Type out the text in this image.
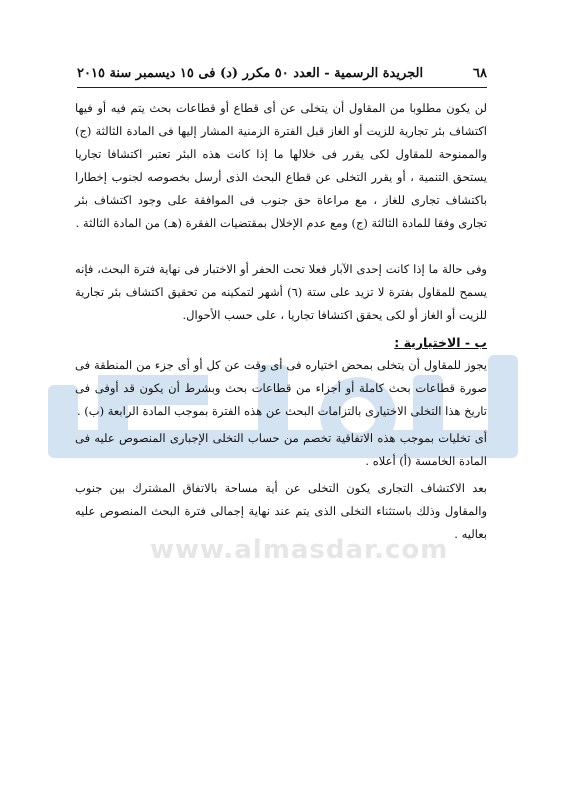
www.almasdar.com
٦٨
الجريدة الرسمية - العدد ٥٠ مكرر (د) فى ١٥ ديسمبر سنة ٢٠١٥

لن يكون مطلوبا من المقاول أن يتخلى عن أى قطاع أو قطاعات بحث يتم فيه أو فيها اكتشاف بئر تجارية للزيت أو الغاز قبل الفترة الزمنية المشار إليها فى المادة الثالثة (ج) والممنوحة للمقاول لكى يقرر فى خلالها ما إذا كانت هذه البئر تعتبر اكتشافا تجاريا يستحق التنمية ، أو يقرر التخلى عن قطاع البحث الذى أرسل بخصوصه لجنوب إخطارا باكتشاف تجارى للغاز ، مع مراعاة حق جنوب فى الموافقة على وجود اكتشاف بئر تجارى وفقا للمادة الثالثة (ج) ومع عدم الإخلال بمقتضيات الفقرة (هـ) من المادة الثالثة .

وفى حالة ما إذا كانت إحدى الآبار فعلا تحت الحفر أو الاختبار فى نهاية فترة البحث، فإنه يسمح للمقاول بفترة لا تزيد على ستة (٦) أشهر لتمكينه من تحقيق اكتشاف بئر تجارية للزيت أو الغاز أو لكى يحقق اكتشافا تجاريا ، على حسب الأحوال.

ب - الاختيارية :

يجوز للمقاول أن يتخلى بمحض اختياره فى أى وقت عن كل أو أى جزء من المنطقة فى صورة قطاعات بحث كاملة أو أجزاء من قطاعات بحث وبشرط أن يكون قد أوفى فى تاريخ هذا التخلى الاختيارى بالتزامات البحث عن هذه الفترة بموجب المادة الرابعة (ب) .

أى تخليات بموجب هذه الاتفاقية تخصم من حساب التخلى الإجبارى المنصوص عليه فى المادة الخامسة (أ) أعلاه .

بعد الاكتشاف التجارى يكون التخلى عن أية مساحة بالاتفاق المشترك بين جنوب والمقاول وذلك باستثناء التخلى الذى يتم عند نهاية إجمالى فترة البحث المنصوص عليه بعاليه .
